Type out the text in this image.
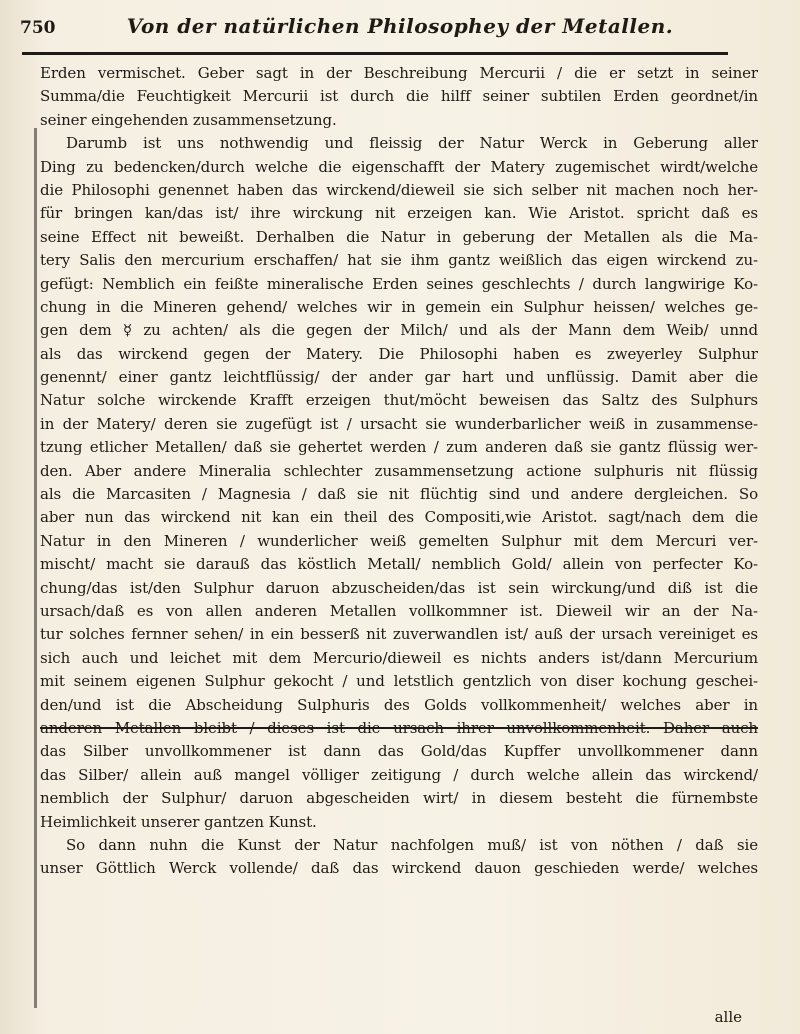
750	Von der natürlichen Philosophey der Metallen.
Erden vermischet. Geber sagt in der Beschreibung Mercurii / die er setzt in seiner
Summa/die Feuchtigkeit Mercurii ist durch die hilff seiner subtilen Erden geordnet/in
seiner eingehenden zusammensetzung.
Darumb ist uns nothwendig und fleissig der Natur Werck in Geberung aller
Ding zu bedencken/durch welche die eigenschafft der Matery zugemischet wirdt/welche
die Philosophi genennet haben das wirckend/dieweil sie sich selber nit machen noch her-
für bringen kan/das ist/ ihre wirckung nit erzeigen kan. Wie Aristot. spricht daß es
seine Effect nit beweißt. Derhalben die Natur in geberung der Metallen als die Ma-
tery Salis den mercurium erschaffen/ hat sie ihm gantz weißlich das eigen wirckend zu-
gefügt: Nemblich ein feißte mineralische Erden seines geschlechts / durch langwirige Ko-
chung in die Mineren gehend/ welches wir in gemein ein Sulphur heissen/ welches ge-
gen dem ☿ zu achten/ als die gegen der Milch/ und als der Mann dem Weib/ unnd
als das wirckend gegen der Matery. Die Philosophi haben es zweyerley Sulphur
genennt/ einer gantz leichtflüssig/ der ander gar hart und unflüssig. Damit aber die
Natur solche wirckende Krafft erzeigen thut/möcht beweisen das Saltz des Sulphurs
in der Matery/ deren sie zugefügt ist / ursacht sie wunderbarlicher weiß in zusammense-
tzung etlicher Metallen/ daß sie gehertet werden / zum anderen daß sie gantz flüssig wer-
den. Aber andere Mineralia schlechter zusammensetzung actione sulphuris nit flüssig
als die Marcasiten / Magnesia / daß sie nit flüchtig sind und andere dergleichen. So
aber nun das wirckend nit kan ein theil des Compositi,wie Aristot. sagt/nach dem die
Natur in den Mineren / wunderlicher weiß gemelten Sulphur mit dem Mercuri ver-
mischt/ macht sie darauß das köstlich Metall/ nemblich Gold/ allein von perfecter Ko-
chung/das ist/den Sulphur daruon abzuscheiden/das ist sein wirckung/und diß ist die
ursach/daß es von allen anderen Metallen vollkommner ist. Dieweil wir an der Na-
tur solches fernner sehen/ in ein besserß nit zuverwandlen ist/ auß der ursach vereiniget es
sich auch und leichet mit dem Mercurio/dieweil es nichts anders ist/dann Mercurium
mit seinem eigenen Sulphur gekocht / und letstlich gentzlich von diser kochung geschei-
den/und ist die Abscheidung Sulphuris des Golds vollkommenheit/ welches aber in
anderen Metallen bleibt / dieses ist die ursach ihrer unvollkommenheit. Daher auch
das Silber unvollkommener ist dann das Gold/das Kupffer unvollkommener dann
das Silber/ allein auß mangel völliger zeitigung / durch welche allein das wirckend/
nemblich der Sulphur/ daruon abgescheiden wirt/ in diesem besteht die fürnembste
Heimlichkeit unserer gantzen Kunst.
So dann nuhn die Kunst der Natur nachfolgen muß/ ist von nöthen / daß sie
unser Göttlich Werck vollende/ daß das wirckend dauon geschieden werde/ welches
alle
